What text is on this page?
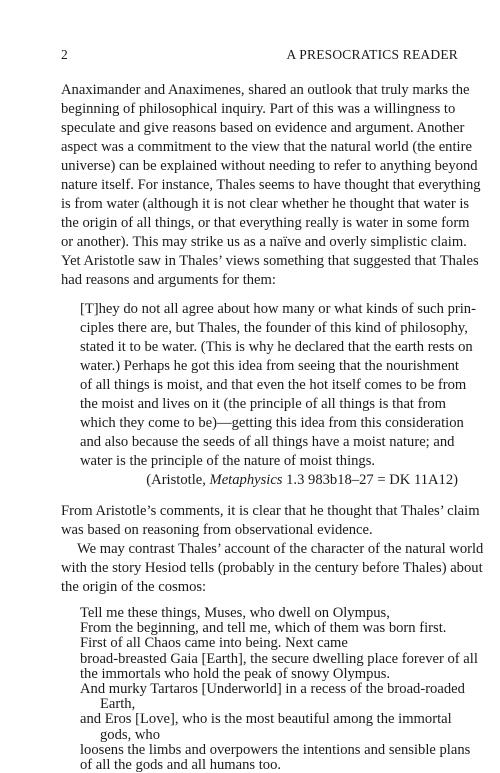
2	A PRESOCRATICS READER
Anaximander and Anaximenes, shared an outlook that truly marks the
beginning of philosophical inquiry. Part of this was a willingness to
speculate and give reasons based on evidence and argument. Another
aspect was a commitment to the view that the natural world (the entire
universe) can be explained without needing to refer to anything beyond
nature itself. For instance, Thales seems to have thought that everything
is from water (although it is not clear whether he thought that water is
the origin of all things, or that everything really is water in some form
or another). This may strike us as a naïve and overly simplistic claim.
Yet Aristotle saw in Thales’ views something that suggested that Thales
had reasons and arguments for them:
[T]hey do not all agree about how many or what kinds of such prin-
ciples there are, but Thales, the founder of this kind of philosophy,
stated it to be water. (This is why he declared that the earth rests on
water.) Perhaps he got this idea from seeing that the nourishment
of all things is moist, and that even the hot itself comes to be from
the moist and lives on it (the principle of all things is that from
which they come to be)—getting this idea from this consideration
and also because the seeds of all things have a moist nature; and
water is the principle of the nature of moist things.
(Aristotle, Metaphysics 1.3 983b18–27 = DK 11A12)
From Aristotle’s comments, it is clear that he thought that Thales’ claim
was based on reasoning from observational evidence.
We may contrast Thales’ account of the character of the natural world
with the story Hesiod tells (probably in the century before Thales) about
the origin of the cosmos:
Tell me these things, Muses, who dwell on Olympus,
From the beginning, and tell me, which of them was born first.
First of all Chaos came into being. Next came
broad-breasted Gaia [Earth], the secure dwelling place forever of all
the immortals who hold the peak of snowy Olympus.
And murky Tartaros [Underworld] in a recess of the broad-roaded
Earth,
and Eros [Love], who is the most beautiful among the immortal
gods, who
loosens the limbs and overpowers the intentions and sensible plans
of all the gods and all humans too.
